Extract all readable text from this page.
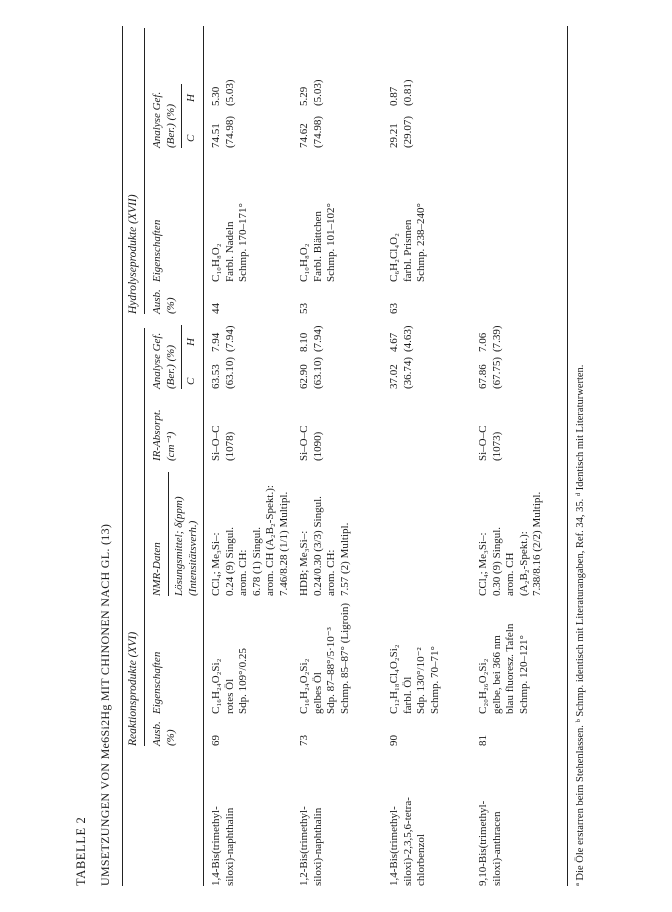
TABELLE 2 UMSETZUNGEN VON Me6Si2Hg MIT CHINONEN NACH GL. (13) Reaktionsprodukte (XVI)
Hydrolyseprodukte (XVII)
Ausb. (%)
Eigenschaften
NMR-Daten Lösungsmittel; δ(ppm) (Intensitätsverh.)
IR-Absorpt. (cm⁻¹)
Analyse Gef. (Ber.) (%) C
H
Ausb. (%)
Eigenschaften
Analyse Gef. (Ber.) (%) C
H
1,4-Bis(trimethyl- siloxi)-naphthalin
69
C₁₆H₂₄O₂Si₂ rotes Öl Sdp. 109°/0.25
CCl₄; Me₃Si–: 0.24 (9) Singul. arom. CH: 6.78 (1) Singul. arom. CH (A₂B₂-Spekt.): 7.46/8.28 (1/1) Multipl.
Si–O–C (1078)
63.53 (63.10)
7.94 (7.94)
44
C₁₀H₈O₂ Farbl. Nadeln Schmp. 170–171°
74.51 (74.98)
5.30 (5.03)
1,2-Bis(trimethyl- siloxi)-naphthalin
73
C₁₆H₂₄O₂Si₂ gelbes Öl Sdp. 87–88°/5·10⁻³ Schmp. 85–87° (Ligroin)
HDB; Me₃Si–: 0.24/0.30 (3/3) Singul. arom. CH: 7.57 (2) Multipl.
Si–O–C (1090)
62.90 (63.10)
8.10 (7.94)
53
C₁₀H₈O₂ Farbl. Blättchen Schmp. 101–102°
74.62 (74.98)
5.29 (5.03)
1,4-Bis(trimethyl- siloxi)-2,3,5,6-tetra- chlorbenzol
90
C₁₂H₁₈Cl₄O₂Si₂ farbl. Öl Sdp. 130°/10⁻² Schmp. 70–71°
37.02 (36.74)
4.67 (4.63)
63
C₆H₂Cl₄O₂ farbl. Prismen Schmp. 238–240°
29.21 (29.07)
0.87 (0.81)
9,10-Bis(trimethyl- siloxi)-anthracen
81
C₂₀H₂₆O₂Si₂ gelbe, bei 366 nm blau fluoresz. Tafeln Schmp. 120–121°
CCl₄; Me₃Si–: 0.30 (9) Singul. arom. CH (A₂B₂-Spekt.): 7.38/8.16 (2/2) Multipl.
Si–O–C (1073)
67.86 (67.75)
7.06 (7.39)
ª Die Öle erstarren beim Stehenlassen. ᵇ Schmp. identisch mit Literaturangaben, Ref. 34, 35. ᵈ Identisch mit Literaturwerten.
